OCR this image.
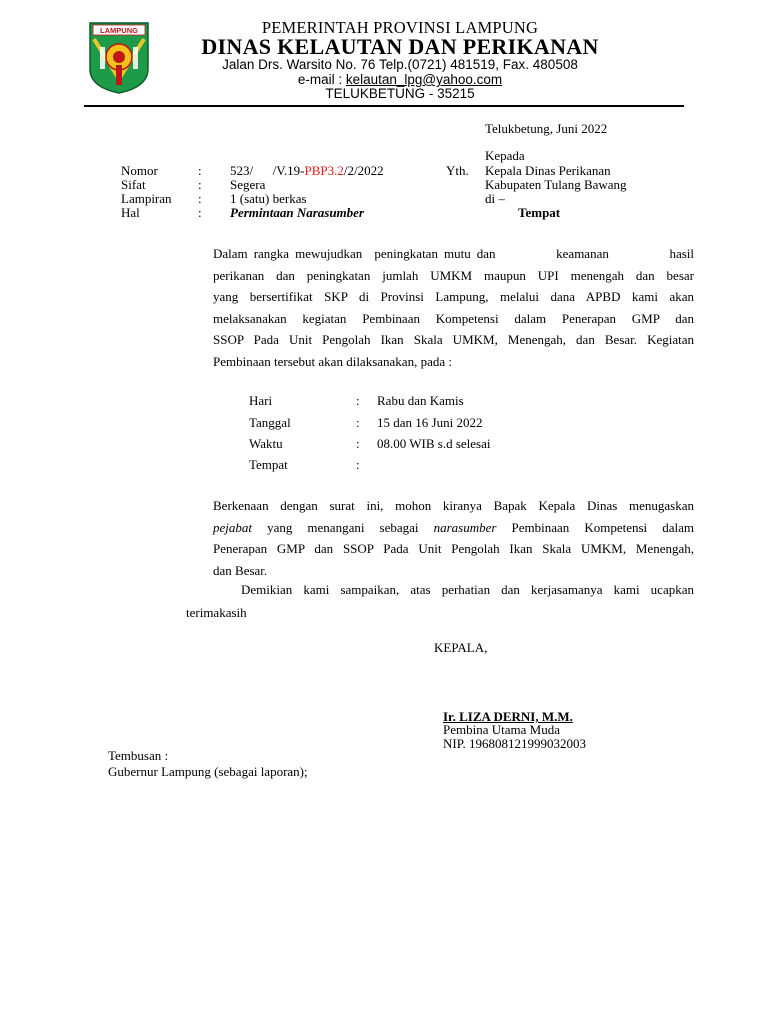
LAMPUNG	PEMERINTAH PROVINSI LAMPUNG
DINAS KELAUTAN DAN PERIKANAN
Jalan Drs. Warsito No. 76 Telp.(0721) 481519, Fax. 480508
e-mail : kelautan_lpg@yahoo.com
TELUKBETUNG - 35215
Telukbetung, Juni 2022
Nomor	: 523/      /V.19-PBP3.2/2/2022
Sifat	: Segera
Lampiran : 1 (satu) berkas
Hal	: Permintaan Narasumber
Yth.
Kepada
Kepala Dinas Perikanan
Kabupaten Tulang Bawang
di –
Tempat
Dalam rangka mewujudkan  peningkatan mutu dan          keamanan          hasil
perikanan dan peningkatan jumlah UMKM maupun UPI menengah dan besar
yang bersertifikat SKP di Provinsi Lampung, melalui dana APBD kami akan
melaksanakan kegiatan Pembinaan Kompetensi dalam Penerapan GMP dan
SSOP Pada Unit Pengolah Ikan Skala UMKM, Menengah, dan Besar. Kegiatan
Pembinaan tersebut akan dilaksanakan, pada :
Hari	: Rabu dan Kamis
Tanggal	: 15 dan 16 Juni 2022
Waktu	: 08.00 WIB s.d selesai
Tempat	:
Berkenaan dengan surat ini, mohon kiranya Bapak Kepala Dinas menugaskan
pejabat yang menangani sebagai narasumber Pembinaan Kompetensi dalam
Penerapan GMP dan SSOP Pada Unit Pengolah Ikan Skala UMKM, Menengah,
dan Besar.
Demikian kami sampaikan, atas perhatian dan kerjasamanya kami ucapkan
terimakasih
KEPALA,
Ir. LIZA DERNI, M.M.
Pembina Utama Muda
NIP. 196808121999032003
Tembusan :
Gubernur Lampung (sebagai laporan);
